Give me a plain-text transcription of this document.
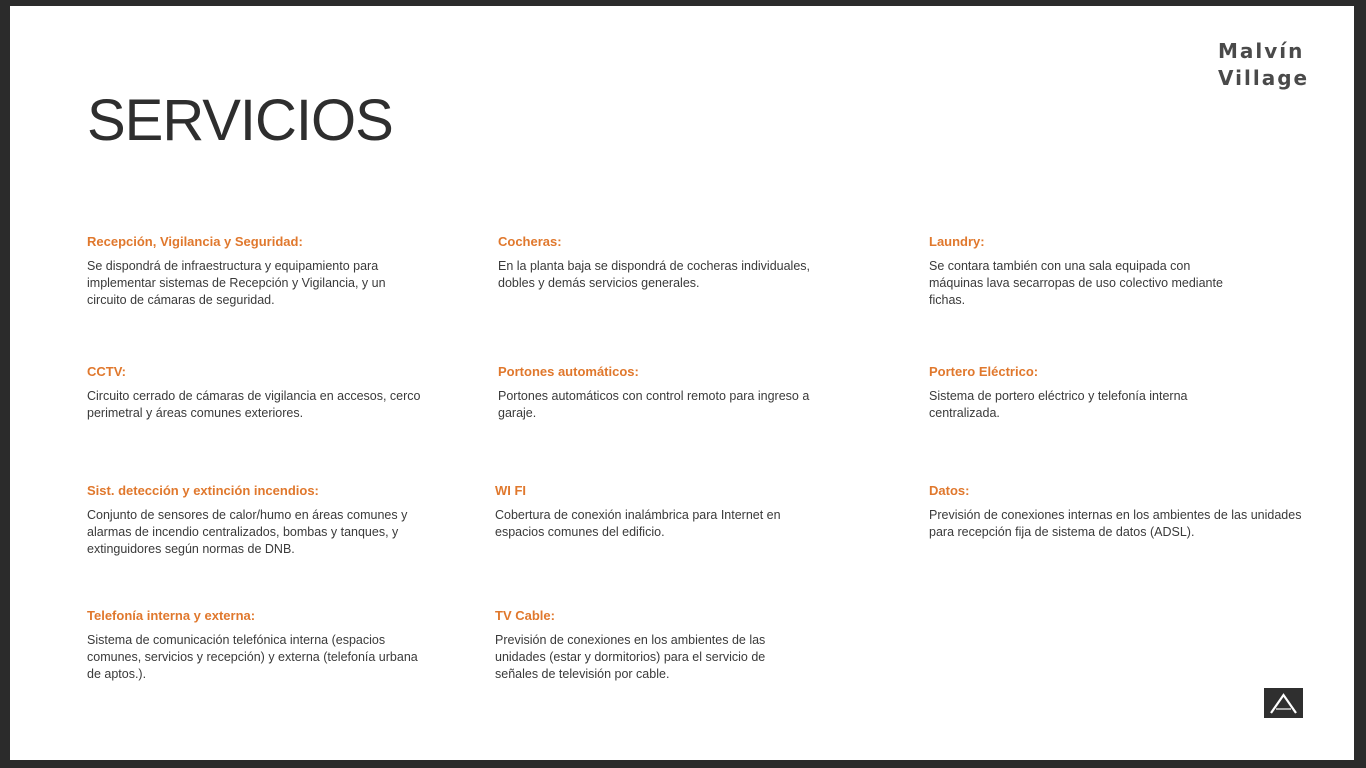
SERVICIOS
Malvín
Village
Recepción, Vigilancia y Seguridad:

Se dispondrá de infraestructura y equipamiento para implementar sistemas de Recepción y Vigilancia, y un circuito de cámaras de seguridad.

Cocheras:

En la planta baja se dispondrá de cocheras individuales, dobles y demás servicios generales.

Laundry:

Se contara también con una sala equipada con máquinas lava secarropas de uso colectivo mediante fichas.

CCTV:

Circuito cerrado de cámaras de vigilancia en accesos, cerco perimetral y áreas comunes exteriores.

Portones automáticos:

Portones automáticos con control remoto para ingreso a garaje.

Portero Eléctrico:

Sistema de portero eléctrico y telefonía interna centralizada.

Sist. detección y extinción incendios:

Conjunto de sensores de calor/humo en áreas comunes y alarmas de incendio centralizados, bombas y tanques, y extinguidores según normas de DNB.

WI FI

Cobertura de conexión inalámbrica para Internet en espacios comunes del edificio.

Datos:

Previsión de conexiones internas en los ambientes de las unidades para recepción fija de sistema de datos (ADSL).

Telefonía interna y externa:

Sistema de comunicación telefónica interna (espacios comunes, servicios y recepción) y externa (telefonía urbana de aptos.).

TV Cable:

Previsión de conexiones en los ambientes de las unidades (estar y dormitorios) para el servicio de señales de televisión por cable.
